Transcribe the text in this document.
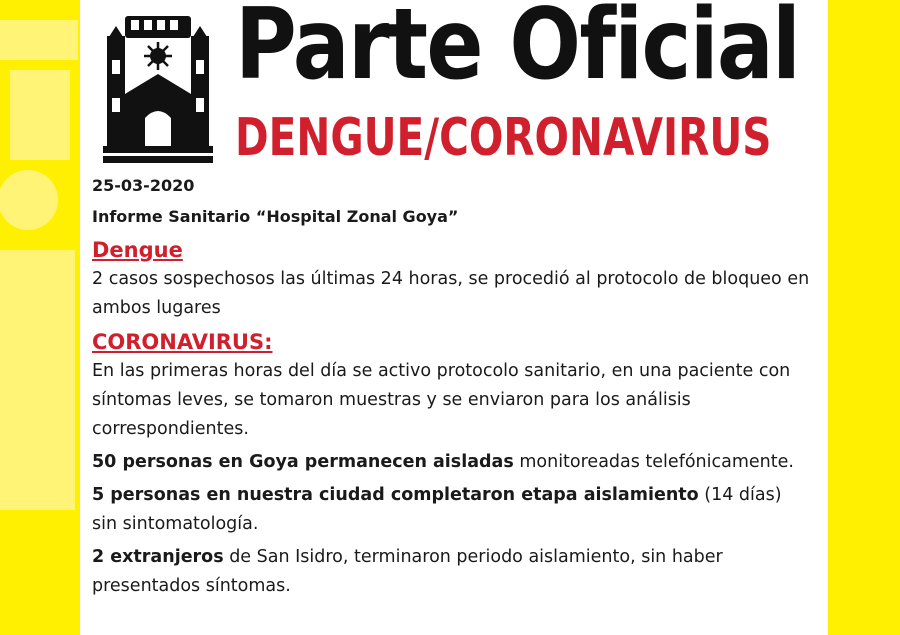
Parte Oficial
DENGUE/CORONAVIRUS

25-03-2020

Informe Sanitario “Hospital Zonal Goya”

Dengue

2 casos sospechosos las últimas 24 horas, se procedió al protocolo de bloqueo en ambos lugares

CORONAVIRUS:

En las primeras horas del día se activo protocolo sanitario, en una paciente con síntomas leves, se tomaron muestras y se enviaron para los análisis correspondientes.

50 personas en Goya permanecen aisladas monitoreadas telefónicamente.

5 personas en nuestra ciudad completaron etapa aislamiento (14 días) sin sintomatología.

2 extranjeros de San Isidro, terminaron periodo aislamiento, sin haber presentados síntomas.
